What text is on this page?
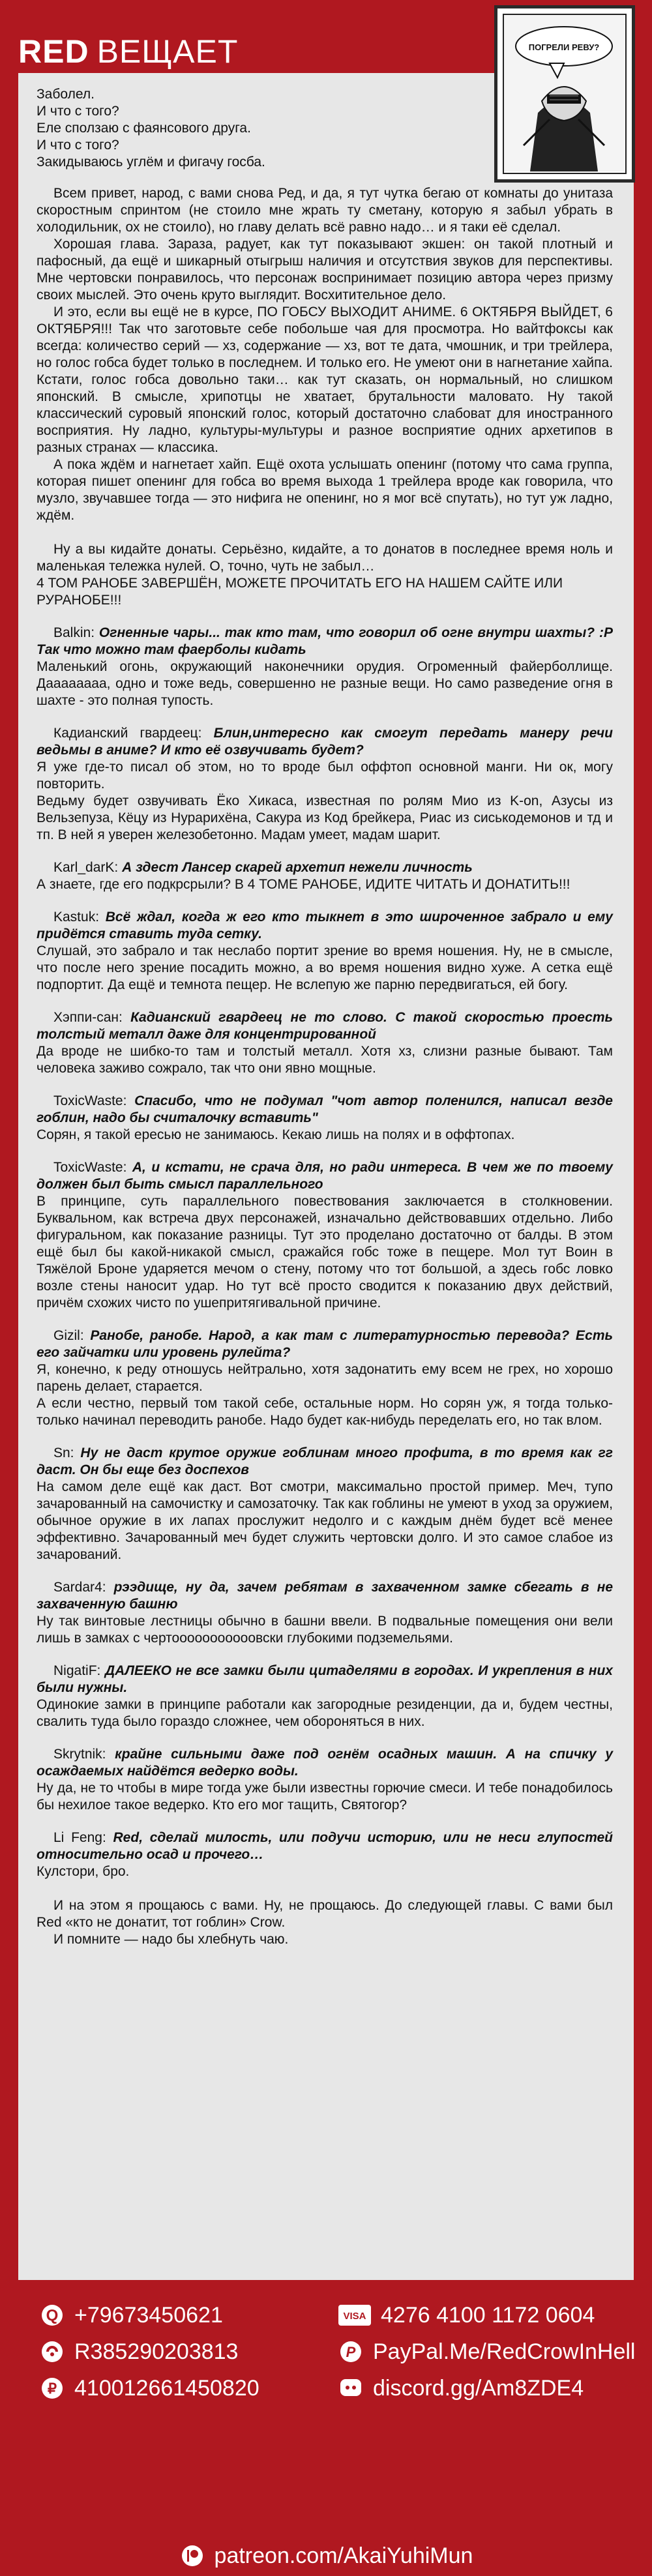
RED ВЕЩАЕТ
Заболел.
И что с того?
Еле сползаю с фаянсового друга.
И что с того?
Закидываюсь углём и фигачу госба.

Всем привет, народ, с вами снова Ред, и да, я тут чутка бегаю от комнаты до унитаза скоростным спринтом (не стоило мне жрать ту сметану, которую я забыл убрать в холодильник, ох не стоило), но главу делать всё равно надо… и я таки её сделал.

Хорошая глава. Зараза, радует, как тут показывают экшен: он такой плотный и пафосный, да ещё и шикарный отыгрыш наличия и отсутствия звуков для перспективы. Мне чертовски понравилось, что персонаж воспринимает позицию автора через призму своих мыслей. Это очень круто выглядит. Восхитительное дело.

И это, если вы ещё не в курсе, ПО ГОБСУ ВЫХОДИТ АНИМЕ. 6 ОКТЯБРЯ ВЫЙДЕТ, 6 ОКТЯБРЯ!!! Так что заготовьте себе побольше чая для просмотра. Но вайтфоксы как всегда: количество серий — хз, содержание — хз, вот те дата, чмошник, и три трейлера, но голос гобса будет только в последнем. И только его. Не умеют они в нагнетание хайпа. Кстати, голос гобса довольно таки… как тут сказать, он нормальный, но слишком японский. В смысле, хрипотцы не хватает, брутальности маловато. Ну такой классический суровый японский голос, который достаточно слабоват для иностранного восприятия. Ну ладно, культуры-мультуры и разное восприятие одних архетипов в разных странах — классика.

А пока ждём и нагнетает хайп. Ещё охота услышать опенинг (потому что сама группа, которая пишет опенинг для гобса во время выхода 1 трейлера вроде как говорила, что музло, звучавшее тогда — это нифига не опенинг, но я мог всё спутать), но тут уж ладно, ждём.

Ну а вы кидайте донаты. Серьёзно, кидайте, а то донатов в последнее время ноль и маленькая тележка нулей. О, точно, чуть не забыл…

4 ТОМ РАНОБЕ ЗАВЕРШЁН, МОЖЕТЕ ПРОЧИТАТЬ ЕГО НА НАШЕМ САЙТЕ ИЛИ РУРАНОБЕ!!!

Balkin: Огненные чары... так кто там, что говорил об огне внутри шахты? :P Так что можно там фаерболы кидать

Маленький огонь, окружающий наконечники орудия. Огроменный файерболлище. Даааааааа, одно и тоже ведь, совершенно не разные вещи. Но само разведение огня в шахте - это полная тупость.

Кадианский гвардеец: Блин,интересно как смогут передать манеру речи ведьмы в аниме? И кто её озвучивать будет?

Я уже где-то писал об этом, но то вроде был оффтоп основной манги. Ни ок, могу повторить.
Ведьму будет озвучивать Ёко Хикаса, известная по ролям Мио из K-on, Азусы из Вельзепуза, Кёцу из Нурарихёна, Сакура из Код брейкера, Риас из сиськодемонов и тд и тп. В ней я уверен железобетонно. Мадам умеет, мадам шарит.

Karl_darK: А здест Лансер скарей архетип нежели личность

А знаете, где его подкрсрыли? В 4 ТОМЕ РАНОБЕ, ИДИТЕ ЧИТАТЬ И ДОНАТИТЬ!!!

Kastuk: Всё ждал, когда ж его кто тыкнет в это широченное забрало и ему придётся ставить туда сетку.

Слушай, это забрало и так неслабо портит зрение во время ношения. Ну, не в смысле, что после него зрение посадить можно, а во время ношения видно хуже. А сетка ещё подпортит. Да ещё и темнота пещер. Не вслепую же парню передвигаться, ей богу.

Хэппи-сан: Кадианский гвардеец не то слово. С такой скоростью проесть толстый металл даже для концентрированной

Да вроде не шибко-то там и толстый металл. Хотя хз, слизни разные бывают. Там человека заживо сожрало, так что они явно мощные.

ToxicWaste: Спасибо, что не подумал "чот автор поленился, написал везде гоблин, надо бы считалочку вставить"

Сорян, я такой ересью не занимаюсь. Кекаю лишь на полях и в оффтопах.

ToxicWaste: А, и кстати, не срача для, но ради интереса. В чем же по твоему должен был быть смысл параллельного

В принципе, суть параллельного повествования заключается в столкновении. Буквальном, как встреча двух персонажей, изначально действовавших отдельно. Либо фигуральном, как показание разницы. Тут это проделано достаточно от балды. В этом ещё был бы какой-никакой смысл, сражайся гобс тоже в пещере. Мол тут Воин в Тяжёлой Броне ударяется мечом о стену, потому что тот большой, а здесь гобс ловко возле стены наносит удар. Но тут всё просто сводится к показанию двух действий, причём схожих чисто по ушепритягивальной причине.

Gizil: Ранобе, ранобе. Народ, а как там с литературностью перевода? Есть его зайчатки или уровень рулейта?

Я, конечно, к реду отношусь нейтрально, хотя задонатить ему всем не грех, но хорошо парень делает, старается.
А если честно, первый том такой себе, остальные норм. Но сорян уж, я тогда только-только начинал переводить ранобе. Надо будет как-нибудь переделать его, но так влом.

Sn: Ну не даст крутое оружие гоблинам много профита, в то время как гг даст. Он бы еще без доспехов

На самом деле ещё как даст. Вот смотри, максимально простой пример. Меч, тупо зачарованный на самочистку и самозаточку. Так как гоблины не умеют в уход за оружием, обычное оружие в их лапах прослужит недолго и с каждым днём будет всё менее эффективно. Зачарованный меч будет служить чертовски долго. И это самое слабое из зачарований.

Sardar4: рээдище, ну да, зачем ребятам в захваченном замке сбегать в не захваченную башню

Ну так винтовые лестницы обычно в башни ввели. В подвальные помещения они вели лишь в замках с чертооооооооооовски глубокими подземельями.

NigatiF: ДАЛЕЕКО не все замки были цитаделями в городах. И укрепления в них были нужны.

Одинокие замки в принципе работали как загородные резиденции, да и, будем честны, свалить туда было гораздо сложнее, чем обороняться в них.

Skrytnik: крайне сильными даже под огнём осадных машин. А на спичку у осаждаемых найдётся ведерко воды.

Ну да, не то чтобы в мире тогда уже были известны горючие смеси. И тебе понадобилось бы нехилое такое ведерко. Кто его мог тащить, Святогор?

Li Feng: Red, сделай милость, или подучи историю, или не неси глупостей относительно осад и прочего…

Кулстори, бро.

И на этом я прощаюсь с вами. Ну, не прощаюсь. До следующей главы. С вами был Red «кто не донатит, тот гоблин» Crow.

И помните — надо бы хлебнуть чаю.

ПОГРЕЛИ РЕВУ?
Q +79673450621
R385290203813
₽ 410012661450820
VISA 4276 4100 1172 0604
P PayPal.Me/RedCrowInHell
discord.gg/Am8ZDE4
patreon.com/AkaiYuhiMun
